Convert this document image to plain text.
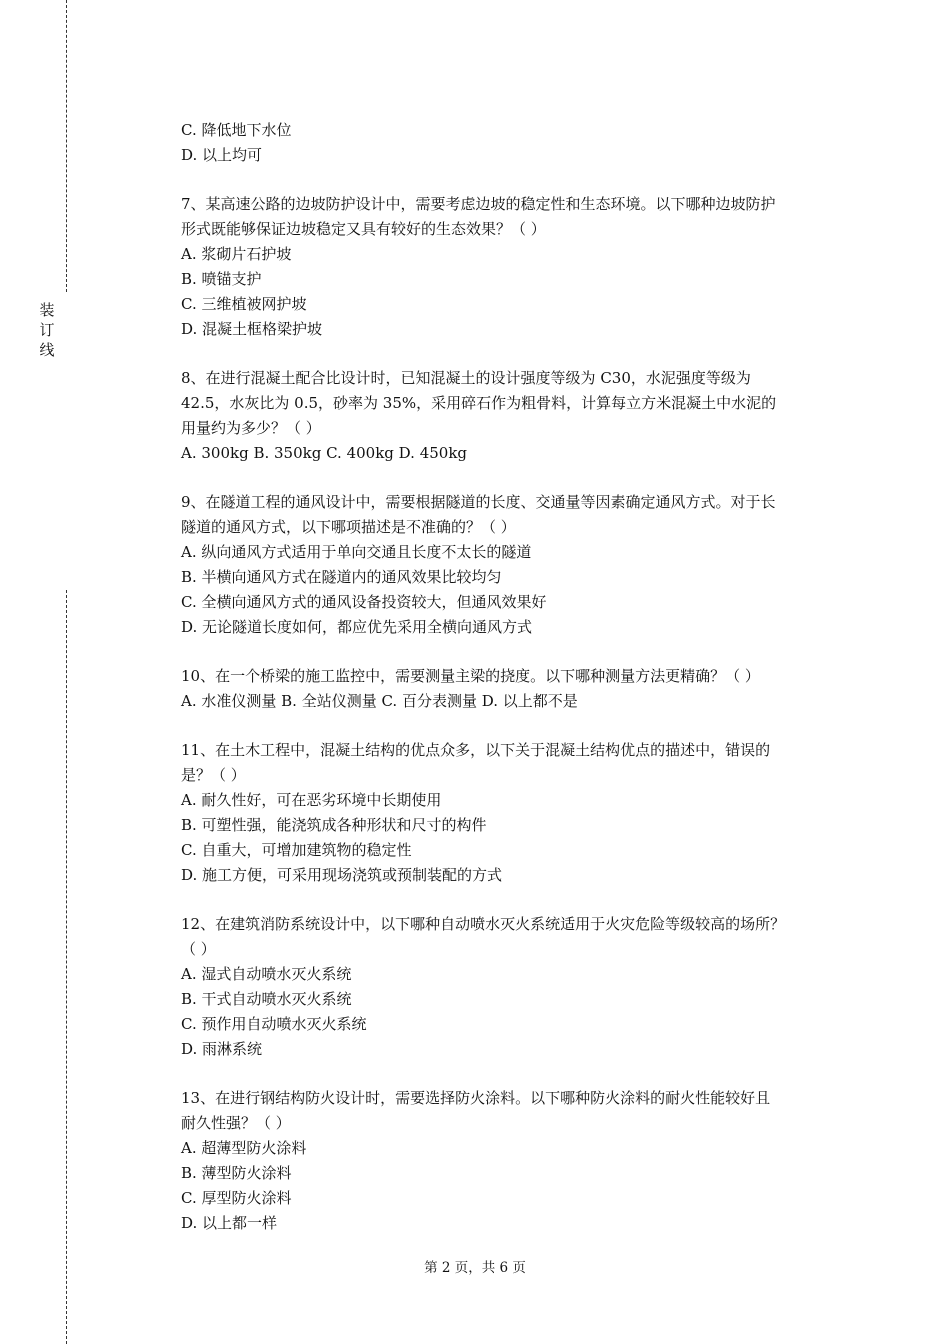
装
订
线
C. 降低地下水位
D. 以上均可
7、某高速公路的边坡防护设计中，需要考虑边坡的稳定性和生态环境。以下哪种边坡防护
形式既能够保证边坡稳定又具有较好的生态效果？（ ）
A. 浆砌片石护坡
B. 喷锚支护
C. 三维植被网护坡
D. 混凝土框格梁护坡
8、在进行混凝土配合比设计时，已知混凝土的设计强度等级为 C30，水泥强度等级为
42.5，水灰比为 0.5，砂率为 35%，采用碎石作为粗骨料，计算每立方米混凝土中水泥的
用量约为多少？（ ）
A. 300kg B. 350kg C. 400kg D. 450kg
9、在隧道工程的通风设计中，需要根据隧道的长度、交通量等因素确定通风方式。对于长
隧道的通风方式，以下哪项描述是不准确的？（ ）
A. 纵向通风方式适用于单向交通且长度不太长的隧道
B. 半横向通风方式在隧道内的通风效果比较均匀
C. 全横向通风方式的通风设备投资较大，但通风效果好
D. 无论隧道长度如何，都应优先采用全横向通风方式
10、在一个桥梁的施工监控中，需要测量主梁的挠度。以下哪种测量方法更精确？（ ）
A. 水准仪测量 B. 全站仪测量 C. 百分表测量 D. 以上都不是
11、在土木工程中，混凝土结构的优点众多，以下关于混凝土结构优点的描述中，错误的
是？（ ）
A. 耐久性好，可在恶劣环境中长期使用
B. 可塑性强，能浇筑成各种形状和尺寸的构件
C. 自重大，可增加建筑物的稳定性
D. 施工方便，可采用现场浇筑或预制装配的方式
12、在建筑消防系统设计中，以下哪种自动喷水灭火系统适用于火灾危险等级较高的场所？
（ ）
A. 湿式自动喷水灭火系统
B. 干式自动喷水灭火系统
C. 预作用自动喷水灭火系统
D. 雨淋系统
13、在进行钢结构防火设计时，需要选择防火涂料。以下哪种防火涂料的耐火性能较好且
耐久性强？（ ）
A. 超薄型防火涂料
B. 薄型防火涂料
C. 厚型防火涂料
D. 以上都一样
第 2 页，共 6 页
